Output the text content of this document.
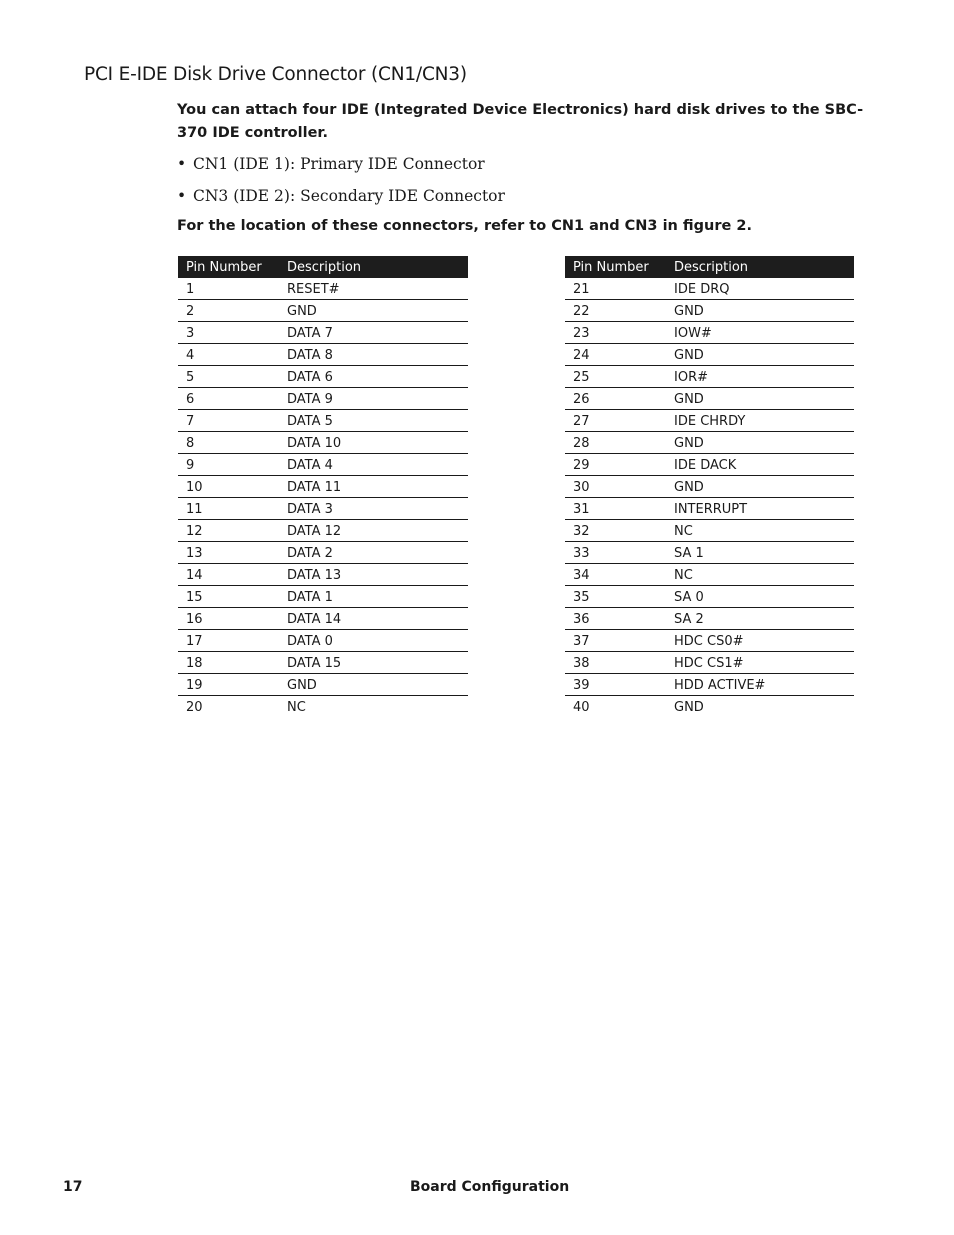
PCI E-IDE Disk Drive Connector (CN1/CN3)

You can attach four IDE (Integrated Device Electronics) hard disk drives to the SBC-370 IDE controller.

• CN1 (IDE 1): Primary IDE Connector
• CN3 (IDE 2): Secondary IDE Connector

For the location of these connectors, refer to CN1 and CN3 in figure 2.

Pin Number	Description
1	RESET#
2	GND
3	DATA 7
4	DATA 8
5	DATA 6
6	DATA 9
7	DATA 5
8	DATA 10
9	DATA 4
10	DATA 11
11	DATA 3
12	DATA 12
13	DATA 2
14	DATA 13
15	DATA 1
16	DATA 14
17	DATA 0
18	DATA 15
19	GND
20	NC
Pin Number	Description
21	IDE DRQ
22	GND
23	IOW#
24	GND
25	IOR#
26	GND
27	IDE CHRDY
28	GND
29	IDE DACK
30	GND
31	INTERRUPT
32	NC
33	SA 1
34	NC
35	SA 0
36	SA 2
37	HDC CS0#
38	HDC CS1#
39	HDD ACTIVE#
40	GND

17	Board Configuration
